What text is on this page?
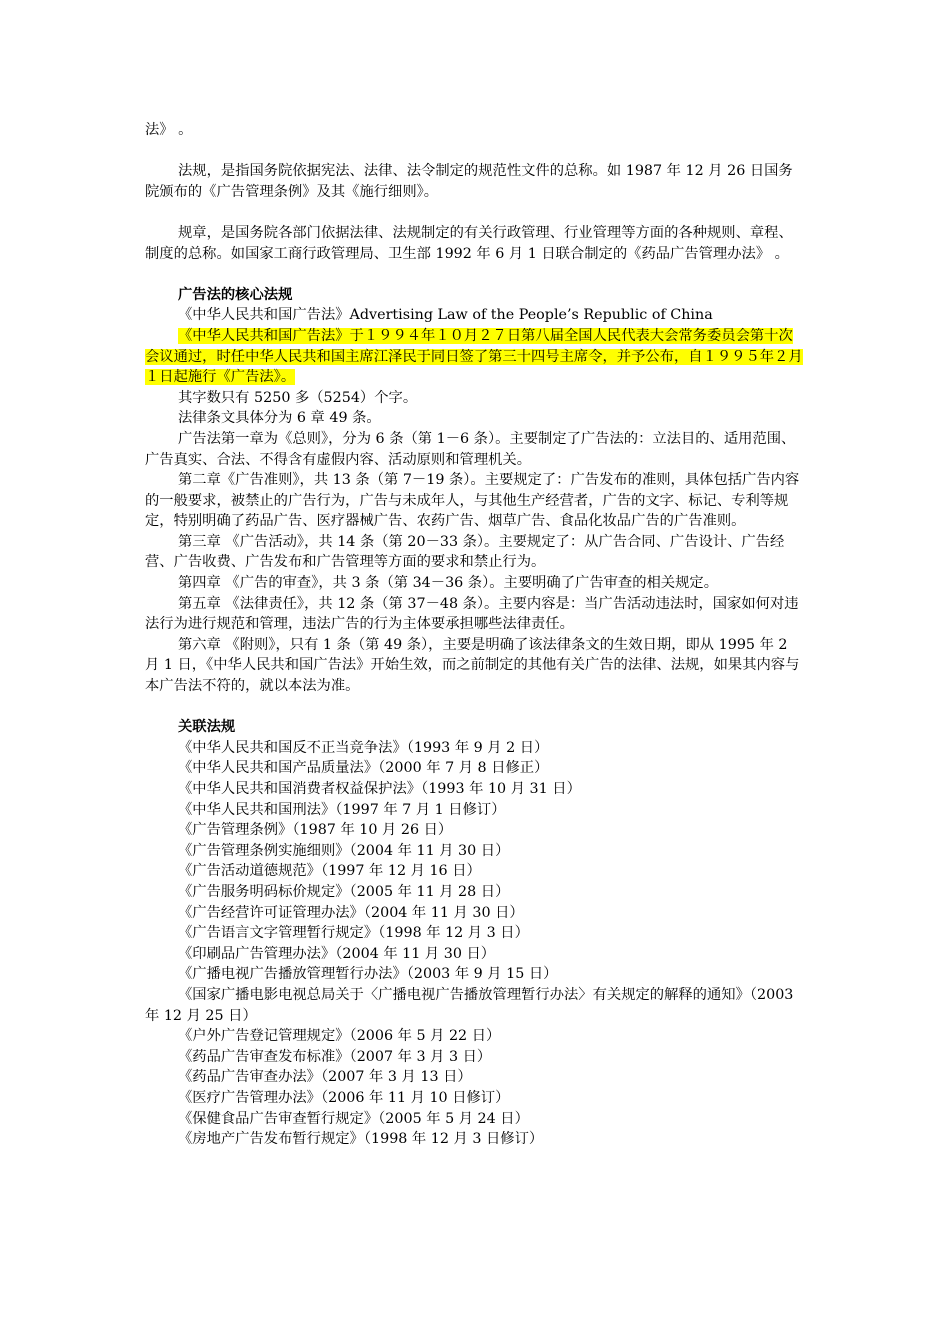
法》 。

法规，是指国务院依据宪法、法律、法令制定的规范性文件的总称。如 1987 年 12 月 26 日国务院颁布的《广告管理条例》及其《施行细则》。

规章，是国务院各部门依据法律、法规制定的有关行政管理、行业管理等方面的各种规则、章程、制度的总称。如国家工商行政管理局、卫生部 1992 年 6 月 1 日联合制定的《药品广告管理办法》 。

广告法的核心法规

《中华人民共和国广告法》Advertising Law of the People’s Republic of China

《中华人民共和国广告法》于１９９４年１０月２７日第八届全国人民代表大会常务委员会第十次会议通过，时任中华人民共和国主席江泽民于同日签了第三十四号主席令，并予公布，自１９９５年２月１日起施行《广告法》。

其字数只有 5250 多（5254）个字。

法律条文具体分为 6 章 49 条。

广告法第一章为《总则》，分为 6 条（第 1－6 条）。主要制定了广告法的：立法目的、适用范围、广告真实、合法、不得含有虚假内容、活动原则和管理机关。

第二章《广告准则》，共 13 条（第 7－19 条）。主要规定了：广告发布的准则，具体包括广告内容的一般要求，被禁止的广告行为，广告与未成年人，与其他生产经营者，广告的文字、标记、专利等规定，特别明确了药品广告、医疗器械广告、农药广告、烟草广告、食品化妆品广告的广告准则。

第三章 《广告活动》，共 14 条（第 20－33 条）。主要规定了：从广告合同、广告设计、广告经营、广告收费、广告发布和广告管理等方面的要求和禁止行为。

第四章 《广告的审查》，共 3 条（第 34－36 条）。主要明确了广告审查的相关规定。

第五章 《法律责任》，共 12 条（第 37－48 条）。主要内容是：当广告活动违法时，国家如何对违法行为进行规范和管理，违法广告的行为主体要承担哪些法律责任。

第六章 《附则》，只有 1 条（第 49 条），主要是明确了该法律条文的生效日期，即从 1995 年 2 月 1 日，《中华人民共和国广告法》开始生效，而之前制定的其他有关广告的法律、法规，如果其内容与本广告法不符的，就以本法为准。

关联法规

《中华人民共和国反不正当竞争法》（1993 年 9 月 2 日）

《中华人民共和国产品质量法》（2000 年 7 月 8 日修正）

《中华人民共和国消费者权益保护法》（1993 年 10 月 31 日）

《中华人民共和国刑法》（1997 年 7 月 1 日修订）

《广告管理条例》（1987 年 10 月 26 日）

《广告管理条例实施细则》（2004 年 11 月 30 日）

《广告活动道德规范》（1997 年 12 月 16 日）

《广告服务明码标价规定》（2005 年 11 月 28 日）

《广告经营许可证管理办法》（2004 年 11 月 30 日）

《广告语言文字管理暂行规定》（1998 年 12 月 3 日）

《印刷品广告管理办法》（2004 年 11 月 30 日）

《广播电视广告播放管理暂行办法》（2003 年 9 月 15 日）

《国家广播电影电视总局关于〈广播电视广告播放管理暂行办法〉有关规定的解释的通知》（2003 年 12 月 25 日）

《户外广告登记管理规定》（2006 年 5 月 22 日）

《药品广告审查发布标准》（2007 年 3 月 3 日）

《药品广告审查办法》（2007 年 3 月 13 日）

《医疗广告管理办法》（2006 年 11 月 10 日修订）

《保健食品广告审查暂行规定》（2005 年 5 月 24 日）

《房地产广告发布暂行规定》（1998 年 12 月 3 日修订）
